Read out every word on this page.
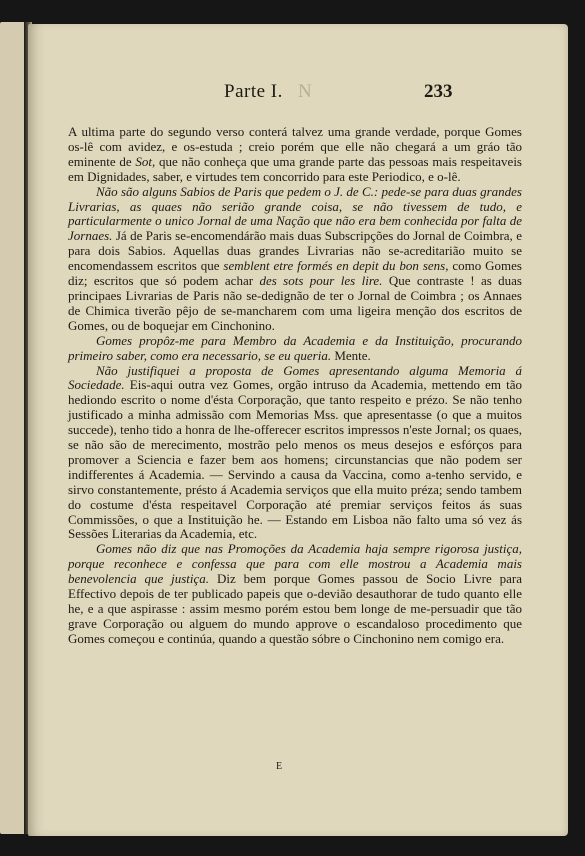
Parte I. N	233

A ultima parte do segundo verso conterá talvez uma grande verdade, porque Gomes os-lê com avidez, e os-estuda ; creio porém que elle não chegará a um gráo tão eminente de Sot, que não conheça que uma grande parte das pessoas mais respeitaveis em Dignidades, saber, e virtudes tem concorrido para este Periodico, e o-lê.

Não são alguns Sabios de Paris que pedem o J. de C.: pede-se para duas grandes Livrarias, as quaes não serião grande coisa, se não tivessem de tudo, e particularmente o unico Jornal de uma Nação que não era bem conhecida por falta de Jornaes. Já de Paris se-encomendárão mais duas Subscripções do Jornal de Coimbra, e para dois Sabios. Aquellas duas grandes Livrarias não se-acreditarião muito se encomendassem escritos que semblent etre formés en depit du bon sens, como Gomes diz; escritos que só podem achar des sots pour les lire. Que contraste ! as duas principaes Livrarias de Paris não se-dedignão de ter o Jornal de Coimbra ; os Annaes de Chimica tiverão pêjo de se-mancharem com uma ligeira menção dos escritos de Gomes, ou de boquejar em Cinchonino.

Gomes propôz-me para Membro da Academia e da Instituição, procurando primeiro saber, como era necessario, se eu queria. Mente.

Não justifiquei a proposta de Gomes apresentando alguma Memoria á Sociedade. Eis-aqui outra vez Gomes, orgão intruso da Academia, mettendo em tão hediondo escrito o nome d'ésta Corporação, que tanto respeito e prézo. Se não tenho justificado a minha admissão com Memorias Mss. que apresentasse (o que a muitos succede), tenho tido a honra de lhe-offerecer escritos impressos n'este Jornal; os quaes, se não são de merecimento, mostrão pelo menos os meus desejos e esfórços para promover a Sciencia e fazer bem aos homens; circunstancias que não podem ser indifferentes á Academia. — Servindo a causa da Vaccina, como a-tenho servido, e sirvo constantemente, présto á Academia serviços que ella muito préza; sendo tambem do costume d'ésta respeitavel Corporação até premiar serviços feitos ás suas Commissões, o que a Instituição he. — Estando em Lisboa não falto uma só vez ás Sessões Literarias da Academia, etc.

Gomes não diz que nas Promoções da Academia haja sempre rigorosa justiça, porque reconhece e confessa que para com elle mostrou a Academia mais benevolencia que justiça. Diz bem porque Gomes passou de Socio Livre para Effectivo depois de ter publicado papeis que o-devião desauthorar de tudo quanto elle he, e a que aspirasse : assim mesmo porém estou bem longe de me-persuadir que tão grave Corporação ou alguem do mundo approve o escandaloso procedimento que Gomes começou e continúa, quando a questão sóbre o Cinchonino nem comigo era.

E
